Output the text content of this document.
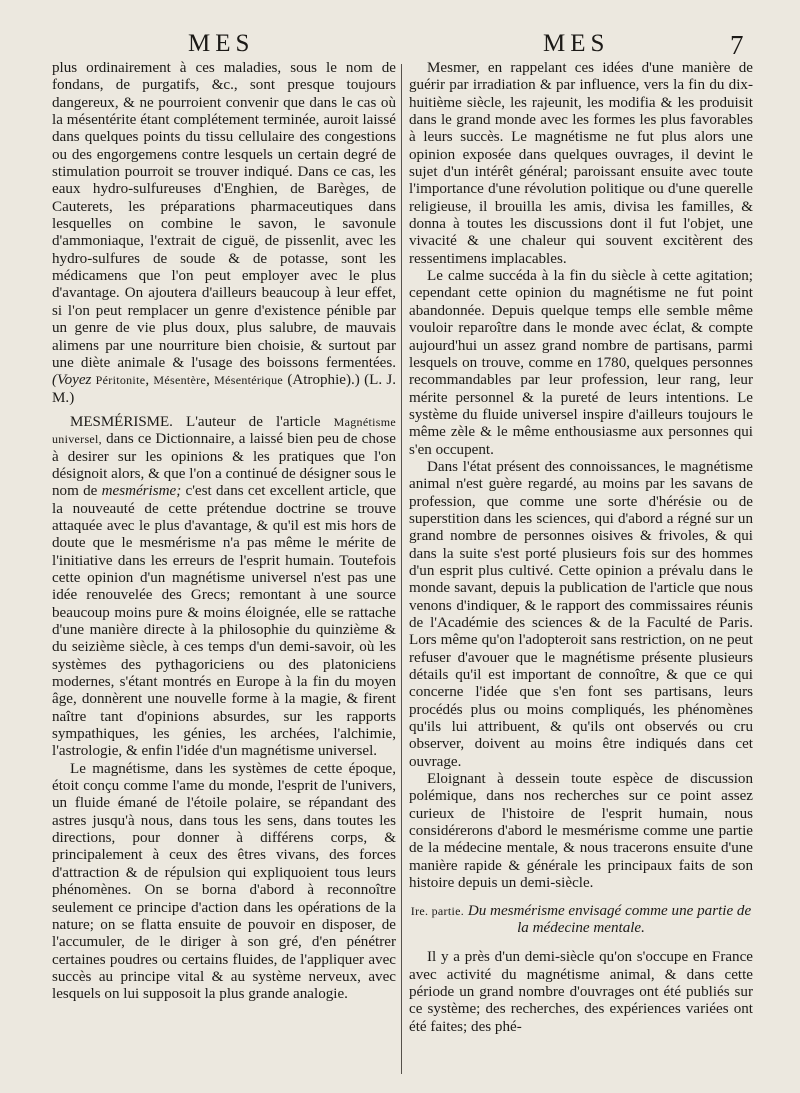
MES	MES	7

plus ordinairement à ces maladies, sous le nom de fondans, de purgatifs, &c., sont presque toujours dangereux, & ne pourroient convenir que dans le cas où la mésentérite étant complétement terminée, auroit laissé dans quelques points du tissu cellulaire des congestions ou des engorgemens contre lesquels un certain degré de stimulation pourroit se trouver indiqué. Dans ce cas, les eaux hydro-sulfureuses d'Enghien, de Barèges, de Cauterets, les préparations pharmaceutiques dans lesquelles on combine le savon, le savonule d'ammoniaque, l'extrait de ciguë, de pissenlit, avec les hydro-sulfures de soude & de potasse, sont les médicamens que l'on peut employer avec le plus d'avantage. On ajoutera d'ailleurs beaucoup à leur effet, si l'on peut remplacer un genre d'existence pénible par un genre de vie plus doux, plus salubre, de mauvais alimens par une nourriture bien choisie, & surtout par une diète animale & l'usage des boissons fermentées. (Voyez Péritonite, Mésentère, Mésentérique (Atrophie).) (L. J. M.)

MESMÉRISME. L'auteur de l'article Magnétisme universel, dans ce Dictionnaire, a laissé bien peu de chose à desirer sur les opinions & les pratiques que l'on désignoit alors, & que l'on a continué de désigner sous le nom de mesmérisme; c'est dans cet excellent article, que la nouveauté de cette prétendue doctrine se trouve attaquée avec le plus d'avantage, & qu'il est mis hors de doute que le mesmérisme n'a pas même le mérite de l'initiative dans les erreurs de l'esprit humain. Toutefois cette opinion d'un magnétisme universel n'est pas une idée renouvelée des Grecs; remontant à une source beaucoup moins pure & moins éloignée, elle se rattache d'une manière directe à la philosophie du quinzième & du seizième siècle, à ces temps d'un demi-savoir, où les systèmes des pythagoriciens ou des platoniciens modernes, s'étant montrés en Europe à la fin du moyen âge, donnèrent une nouvelle forme à la magie, & firent naître tant d'opinions absurdes, sur les rapports sympathiques, les génies, les archées, l'alchimie, l'astrologie, & enfin l'idée d'un magnétisme universel.

Le magnétisme, dans les systèmes de cette époque, étoit conçu comme l'ame du monde, l'esprit de l'univers, un fluide émané de l'étoile polaire, se répandant des astres jusqu'à nous, dans tous les sens, dans toutes les directions, pour donner à différens corps, & principalement à ceux des êtres vivans, des forces d'attraction & de répulsion qui expliquoient tous leurs phénomènes. On se borna d'abord à reconnoître seulement ce principe d'action dans les opérations de la nature; on se flatta ensuite de pouvoir en disposer, de l'accumuler, de le diriger à son gré, d'en pénétrer certaines poudres ou certains fluides, de l'appliquer avec succès au principe vital & au système nerveux, avec lesquels on lui supposoit la plus grande analogie.

Mesmer, en rappelant ces idées d'une manière de guérir par irradiation & par influence, vers la fin du dix-huitième siècle, les rajeunit, les modifia & les produisit dans le grand monde avec les formes les plus favorables à leurs succès. Le magnétisme ne fut plus alors une opinion exposée dans quelques ouvrages, il devint le sujet d'un intérêt général; paroissant ensuite avec toute l'importance d'une révolution politique ou d'une querelle religieuse, il brouilla les amis, divisa les familles, & donna à toutes les discussions dont il fut l'objet, une vivacité & une chaleur qui souvent excitèrent des ressentimens implacables.

Le calme succéda à la fin du siècle à cette agitation; cependant cette opinion du magnétisme ne fut point abandonnée. Depuis quelque temps elle semble même vouloir reparoître dans le monde avec éclat, & compte aujourd'hui un assez grand nombre de partisans, parmi lesquels on trouve, comme en 1780, quelques personnes recommandables par leur profession, leur rang, leur mérite personnel & la pureté de leurs intentions. Le système du fluide universel inspire d'ailleurs toujours le même zèle & le même enthousiasme aux personnes qui s'en occupent.

Dans l'état présent des connoissances, le magnétisme animal n'est guère regardé, au moins par les savans de profession, que comme une sorte d'hérésie ou de superstition dans les sciences, qui d'abord a régné sur un grand nombre de personnes oisives & frivoles, & qui dans la suite s'est porté plusieurs fois sur des hommes d'un esprit plus cultivé. Cette opinion a prévalu dans le monde savant, depuis la publication de l'article que nous venons d'indiquer, & le rapport des commissaires réunis de l'Académie des sciences & de la Faculté de Paris. Lors même qu'on l'adopteroit sans restriction, on ne peut refuser d'avouer que le magnétisme présente plusieurs détails qu'il est important de connoître, & que ce qui concerne l'idée que s'en font ses partisans, leurs procédés plus ou moins compliqués, les phénomènes qu'ils lui attribuent, & qu'ils ont observés ou cru observer, doivent au moins être indiqués dans cet ouvrage.

Eloignant à dessein toute espèce de discussion polémique, dans nos recherches sur ce point assez curieux de l'histoire de l'esprit humain, nous considérerons d'abord le mesmérisme comme une partie de la médecine mentale, & nous tracerons ensuite d'une manière rapide & générale les principaux faits de son histoire depuis un demi-siècle.

Ire. partie. Du mesmérisme envisagé comme une partie de la médecine mentale.

Il y a près d'un demi-siècle qu'on s'occupe en France avec activité du magnétisme animal, & dans cette période un grand nombre d'ouvrages ont été publiés sur ce système; des recherches, des expériences variées ont été faites; des phé-
